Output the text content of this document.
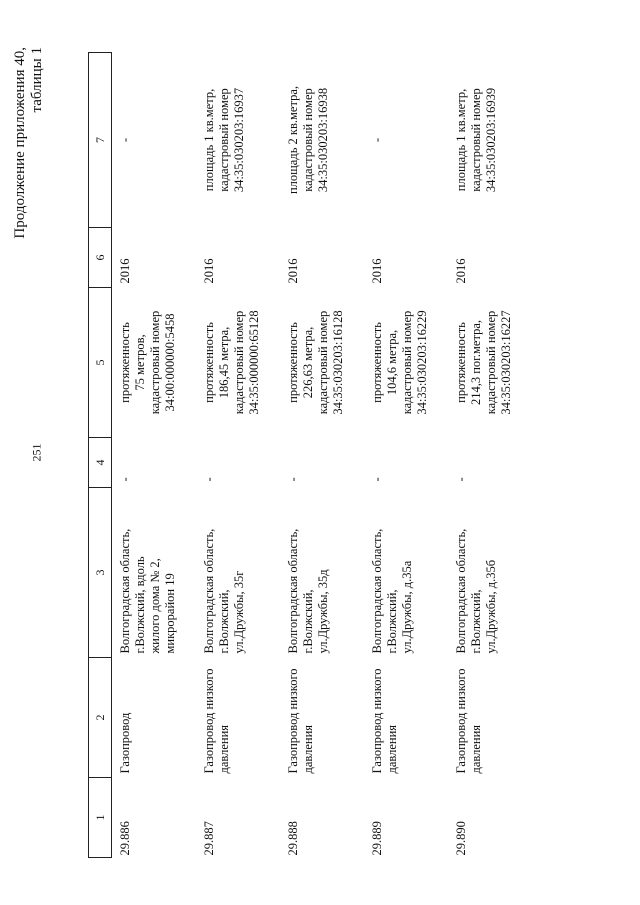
251
Продолжение приложения 40, таблицы 1
1	2	3	4	5	6	7
29.886	Газопровод	Волгоградская область,
г.Волжский, вдоль
жилого дома № 2,
микрорайон 19	-	протяженность
75 метров,
кадастровый номер
34:00:000000:5458	2016	-
29.887	Газопровод низкого
давления	Волгоградская область,
г.Волжский,
ул.Дружбы, 35г	-	протяженность
186,45 метра,
кадастровый номер
34:35:000000:65128	2016	площадь 1 кв.метр,
кадастровый номер
34:35:030203:16937
29.888	Газопровод низкого
давления	Волгоградская область,
г.Волжский,
ул.Дружбы, 35д	-	протяженность
226,63 метра,
кадастровый номер
34:35:030203:16128	2016	площадь 2 кв.метра,
кадастровый номер
34:35:030203:16938
29.889	Газопровод низкого
давления	Волгоградская область,
г.Волжский,
ул.Дружбы, д.35а	-	протяженность
104,6 метра,
кадастровый номер
34:35:030203:16229	2016	-
29.890	Газопровод низкого
давления	Волгоградская область,
г.Волжский,
ул.Дружбы, д.35б	-	протяженность
214,3 пог.метра,
кадастровый номер
34:35:030203:16227	2016	площадь 1 кв.метр,
кадастровый номер
34:35:030203:16939
